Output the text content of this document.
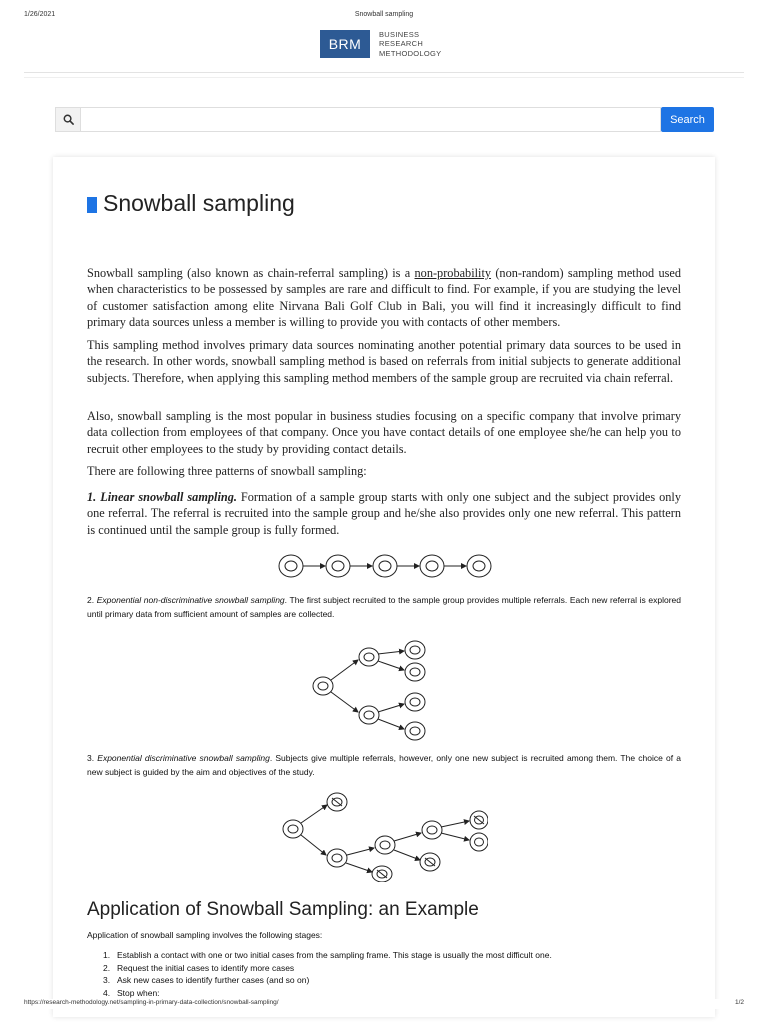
1/26/2021	Snowball sampling
BRM
BUSINESS
RESEARCH
METHODOLOGY
Search
Snowball sampling

Snowball sampling (also known as chain-referral sampling) is a non-probability (non-random) sampling method used when characteristics to be possessed by samples are rare and difficult to find. For example, if you are studying the level of customer satisfaction among elite Nirvana Bali Golf Club in Bali, you will find it increasingly difficult to find primary data sources unless a member is willing to provide you with contacts of other members.

This sampling method involves primary data sources nominating another potential primary data sources to be used in the research. In other words, snowball sampling method is based on referrals from initial subjects to generate additional subjects. Therefore, when applying this sampling method members of the sample group are recruited via chain referral.

Also, snowball sampling is the most popular in business studies focusing on a specific company that involve primary data collection from employees of that company. Once you have contact details of one employee she/he can help you to recruit other employees to the study by providing contact details.

There are following three patterns of snowball sampling:

1. Linear snowball sampling. Formation of a sample group starts with only one subject and the subject provides only one referral. The referral is recruited into the sample group and he/she also provides only one new referral. This pattern is continued until the sample group is fully formed.

2. Exponential non-discriminative snowball sampling. The first subject recruited to the sample group provides multiple referrals. Each new referral is explored until primary data from sufficient amount of samples are collected.

3. Exponential discriminative snowball sampling. Subjects give multiple referrals, however, only one new subject is recruited among them. The choice of a new subject is guided by the aim and objectives of the study.

Application of Snowball Sampling: an Example

Application of snowball sampling involves the following stages:

1. Establish a contact with one or two initial cases from the sampling frame. This stage is usually the most difficult one.
2. Request the initial cases to identify more cases
3. Ask new cases to identify further cases (and so on)
4. Stop when:
https://research-methodology.net/sampling-in-primary-data-collection/snowball-sampling/	1/2
